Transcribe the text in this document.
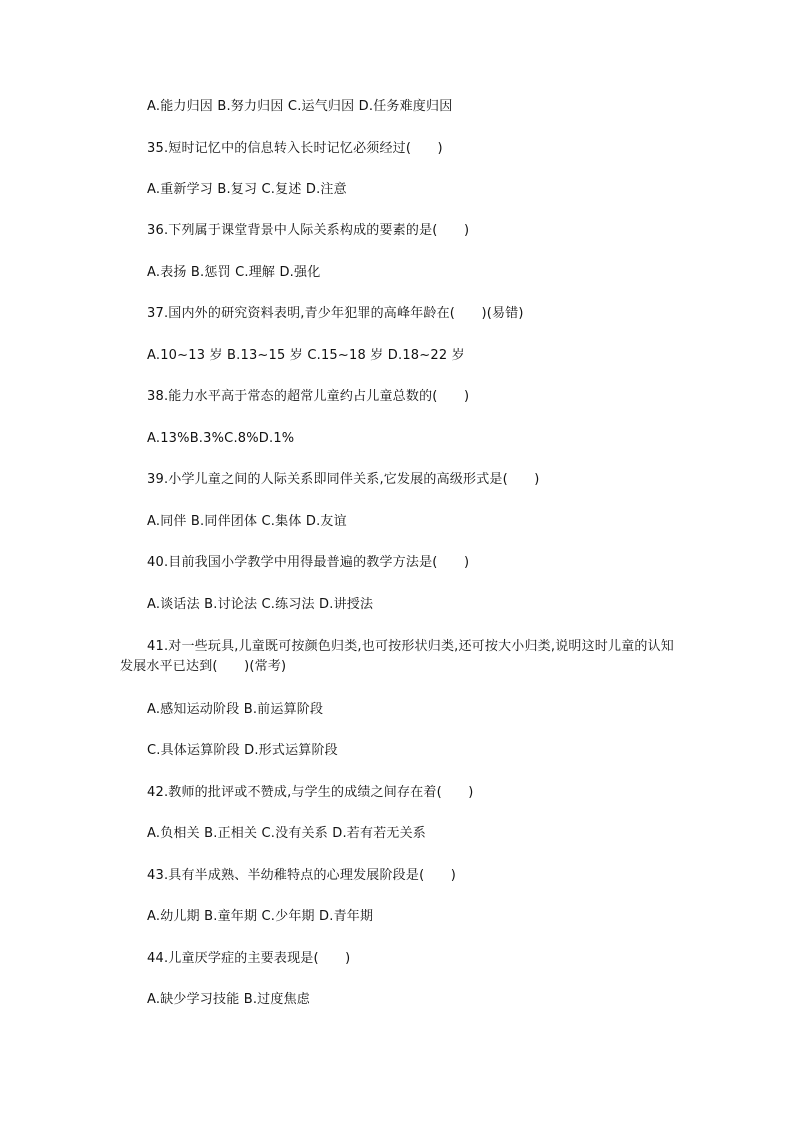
A.能力归因 B.努力归因 C.运气归因 D.任务难度归因
35.短时记忆中的信息转入长时记忆必须经过(　　)
A.重新学习 B.复习 C.复述 D.注意
36.下列属于课堂背景中人际关系构成的要素的是(　　)
A.表扬 B.惩罚 C.理解 D.强化
37.国内外的研究资料表明,青少年犯罪的高峰年龄在(　　)(易错)
A.10~13 岁 B.13~15 岁 C.15~18 岁 D.18~22 岁
38.能力水平高于常态的超常儿童约占儿童总数的(　　)
A.13%B.3%C.8%D.1%
39.小学儿童之间的人际关系即同伴关系,它发展的高级形式是(　　)
A.同伴 B.同伴团体 C.集体 D.友谊
40.目前我国小学教学中用得最普遍的教学方法是(　　)
A.谈话法 B.讨论法 C.练习法 D.讲授法
41.对一些玩具,儿童既可按颜色归类,也可按形状归类,还可按大小归类,说明这时儿童的认知发展水平已达到(　　)(常考)
A.感知运动阶段 B.前运算阶段
C.具体运算阶段 D.形式运算阶段
42.教师的批评或不赞成,与学生的成绩之间存在着(　　)
A.负相关 B.正相关 C.没有关系 D.若有若无关系
43.具有半成熟、半幼稚特点的心理发展阶段是(　　)
A.幼儿期 B.童年期 C.少年期 D.青年期
44.儿童厌学症的主要表现是(　　)
A.缺少学习技能 B.过度焦虑
